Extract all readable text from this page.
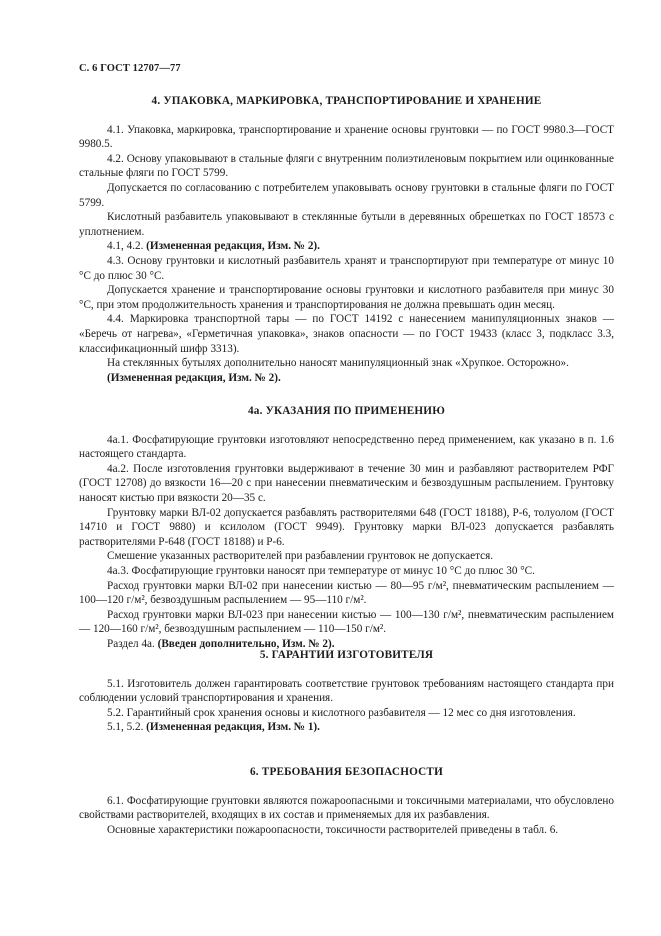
С. 6 ГОСТ 12707—77
4. УПАКОВКА, МАРКИРОВКА, ТРАНСПОРТИРОВАНИЕ И ХРАНЕНИЕ

4.1. Упаковка, маркировка, транспортирование и хранение основы грунтовки — по ГОСТ 9980.3—ГОСТ 9980.5.

4.2. Основу упаковывают в стальные фляги с внутренним полиэтиленовым покрытием или оцинкованные стальные фляги по ГОСТ 5799.

Допускается по согласованию с потребителем упаковывать основу грунтовки в стальные фляги по ГОСТ 5799.

Кислотный разбавитель упаковывают в стеклянные бутыли в деревянных обрешетках по ГОСТ 18573 с уплотнением.

4.1, 4.2. (Измененная редакция, Изм. № 2).

4.3. Основу грунтовки и кислотный разбавитель хранят и транспортируют при температуре от минус 10 °С до плюс 30 °С.

Допускается хранение и транспортирование основы грунтовки и кислотного разбавителя при минус 30 °С, при этом продолжительность хранения и транспортирования не должна превышать один месяц.

4.4. Маркировка транспортной тары — по ГОСТ 14192 с нанесением манипуляционных знаков — «Беречь от нагрева», «Герметичная упаковка», знаков опасности — по ГОСТ 19433 (класс 3, подкласс 3.3, классификационный шифр 3313).

На стеклянных бутылях дополнительно наносят манипуляционный знак «Хрупкое. Осторожно».

(Измененная редакция, Изм. № 2).

4а. УКАЗАНИЯ ПО ПРИМЕНЕНИЮ

4а.1. Фосфатирующие грунтовки изготовляют непосредственно перед применением, как указано в п. 1.6 настоящего стандарта.

4а.2. После изготовления грунтовки выдерживают в течение 30 мин и разбавляют растворителем РФГ (ГОСТ 12708) до вязкости 16—20 с при нанесении пневматическим и безвоздушным распылением. Грунтовку наносят кистью при вязкости 20—35 с.

Грунтовку марки ВЛ-02 допускается разбавлять растворителями 648 (ГОСТ 18188), Р-6, толуолом (ГОСТ 14710 и ГОСТ 9880) и ксилолом (ГОСТ 9949). Грунтовку марки ВЛ-023 допускается разбавлять растворителями Р-648 (ГОСТ 18188) и Р-6.

Смешение указанных растворителей при разбавлении грунтовок не допускается.

4а.3. Фосфатирующие грунтовки наносят при температуре от минус 10 °С до плюс 30 °С.

Расход грунтовки марки ВЛ-02 при нанесении кистью — 80—95 г/м², пневматическим распылением — 100—120 г/м², безвоздушным распылением — 95—110 г/м².

Расход грунтовки марки ВЛ-023 при нанесении кистью — 100—130 г/м², пневматическим распылением — 120—160 г/м², безвоздушным распылением — 110—150 г/м².

Раздел 4а. (Введен дополнительно, Изм. № 2).

5. ГАРАНТИИ ИЗГОТОВИТЕЛЯ

5.1. Изготовитель должен гарантировать соответствие грунтовок требованиям настоящего стандарта при соблюдении условий транспортирования и хранения.

5.2. Гарантийный срок хранения основы и кислотного разбавителя — 12 мес со дня изготовления.

5.1, 5.2. (Измененная редакция, Изм. № 1).

6. ТРЕБОВАНИЯ БЕЗОПАСНОСТИ

6.1. Фосфатирующие грунтовки являются пожароопасными и токсичными материалами, что обусловлено свойствами растворителей, входящих в их состав и применяемых для их разбавления.

Основные характеристики пожароопасности, токсичности растворителей приведены в табл. 6.
